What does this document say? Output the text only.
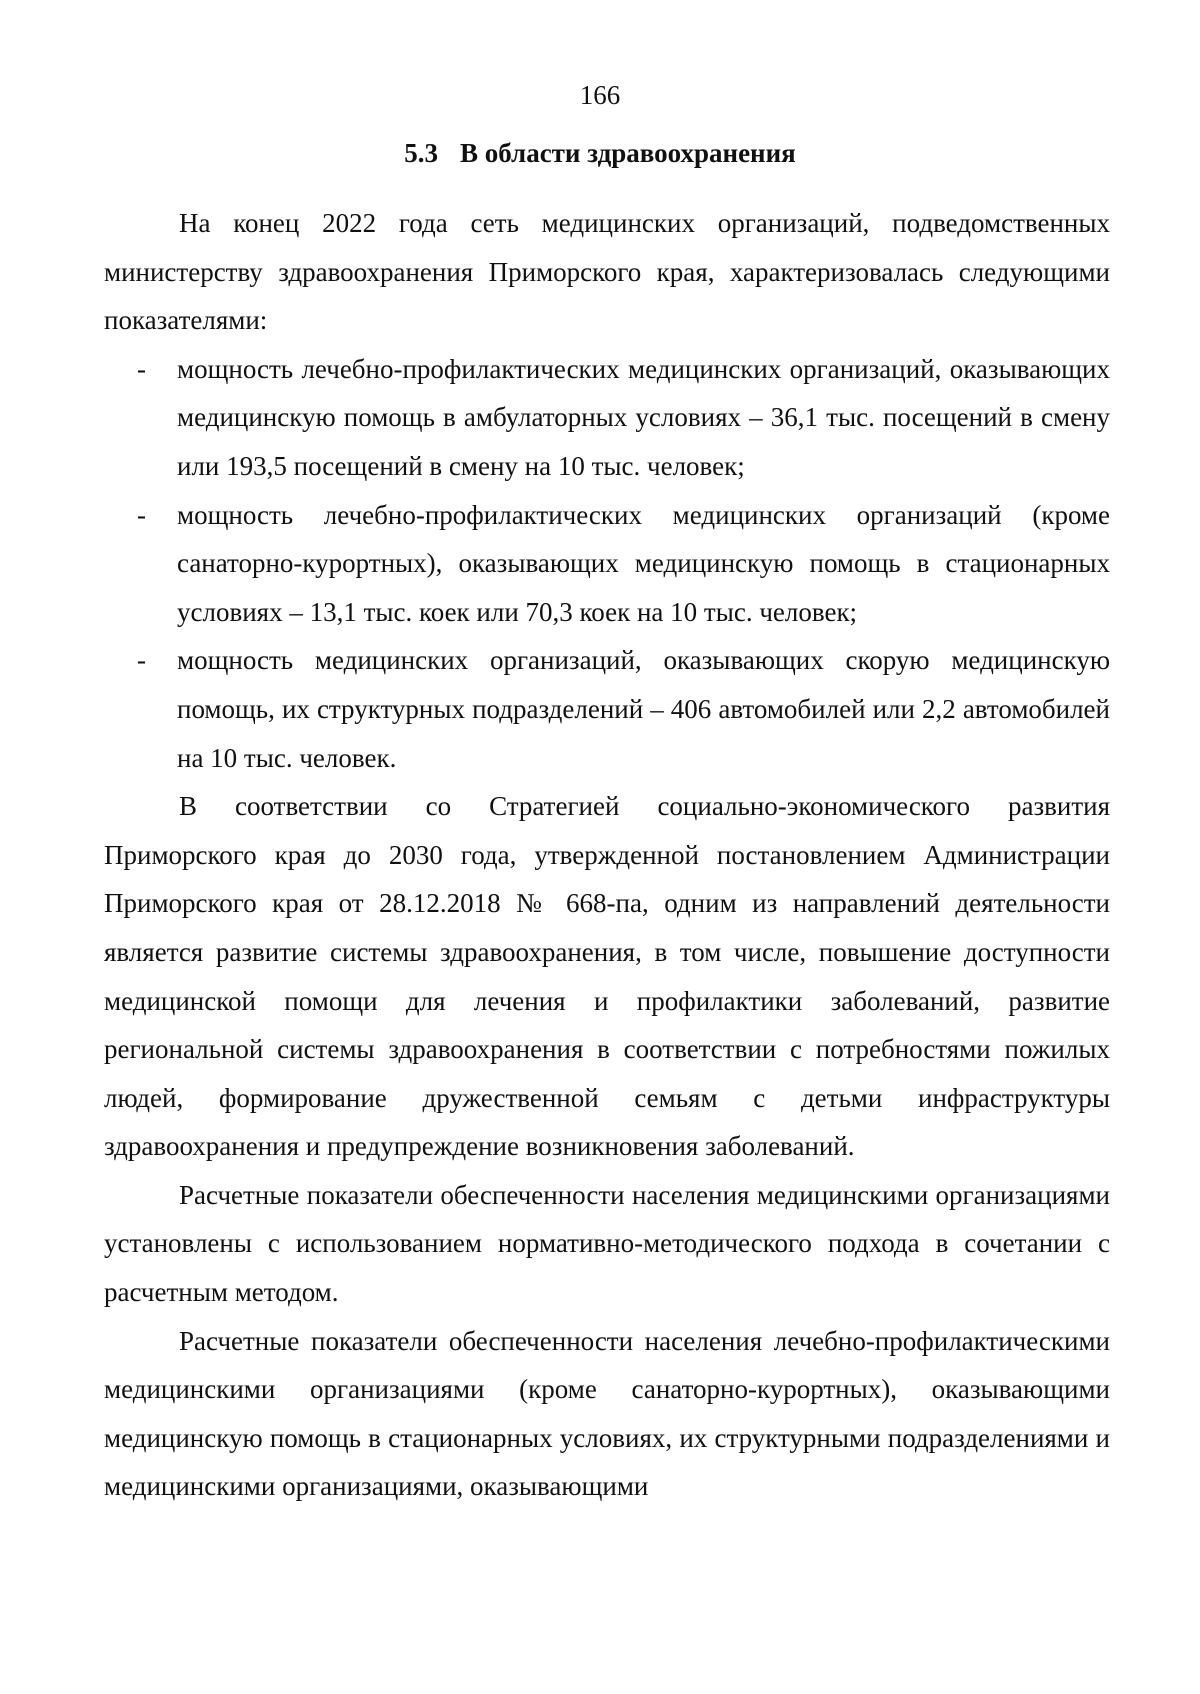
166
5.3 В области здравоохранения

На конец 2022 года сеть медицинских организаций, подведомственных министерству здравоохранения Приморского края, характеризовалась следующими показателями:

- мощность лечебно-профилактических медицинских организаций, оказывающих медицинскую помощь в амбулаторных условиях – 36,1 тыс. посещений в смену или 193,5 посещений в смену на 10 тыс. человек;
- мощность лечебно-профилактических медицинских организаций (кроме санаторно-курортных), оказывающих медицинскую помощь в стационарных условиях – 13,1 тыс. коек или 70,3 коек на 10 тыс. человек;
- мощность медицинских организаций, оказывающих скорую медицинскую помощь, их структурных подразделений – 406 автомобилей или 2,2 автомобилей на 10 тыс. человек.

В соответствии со Стратегией социально-экономического развития Приморского края до 2030 года, утвержденной постановлением Администрации Приморского края от 28.12.2018 № 668-па, одним из направлений деятельности является развитие системы здравоохранения, в том числе, повышение доступности медицинской помощи для лечения и профилактики заболеваний, развитие региональной системы здравоохранения в соответствии с потребностями пожилых людей, формирование дружественной семьям с детьми инфраструктуры здравоохранения и предупреждение возникновения заболеваний.

Расчетные показатели обеспеченности населения медицинскими организациями установлены с использованием нормативно-методического подхода в сочетании с расчетным методом.

Расчетные показатели обеспеченности населения лечебно-профилактическими медицинскими организациями (кроме санаторно-курортных), оказывающими медицинскую помощь в стационарных условиях, их структурными подразделениями и медицинскими организациями, оказывающими
